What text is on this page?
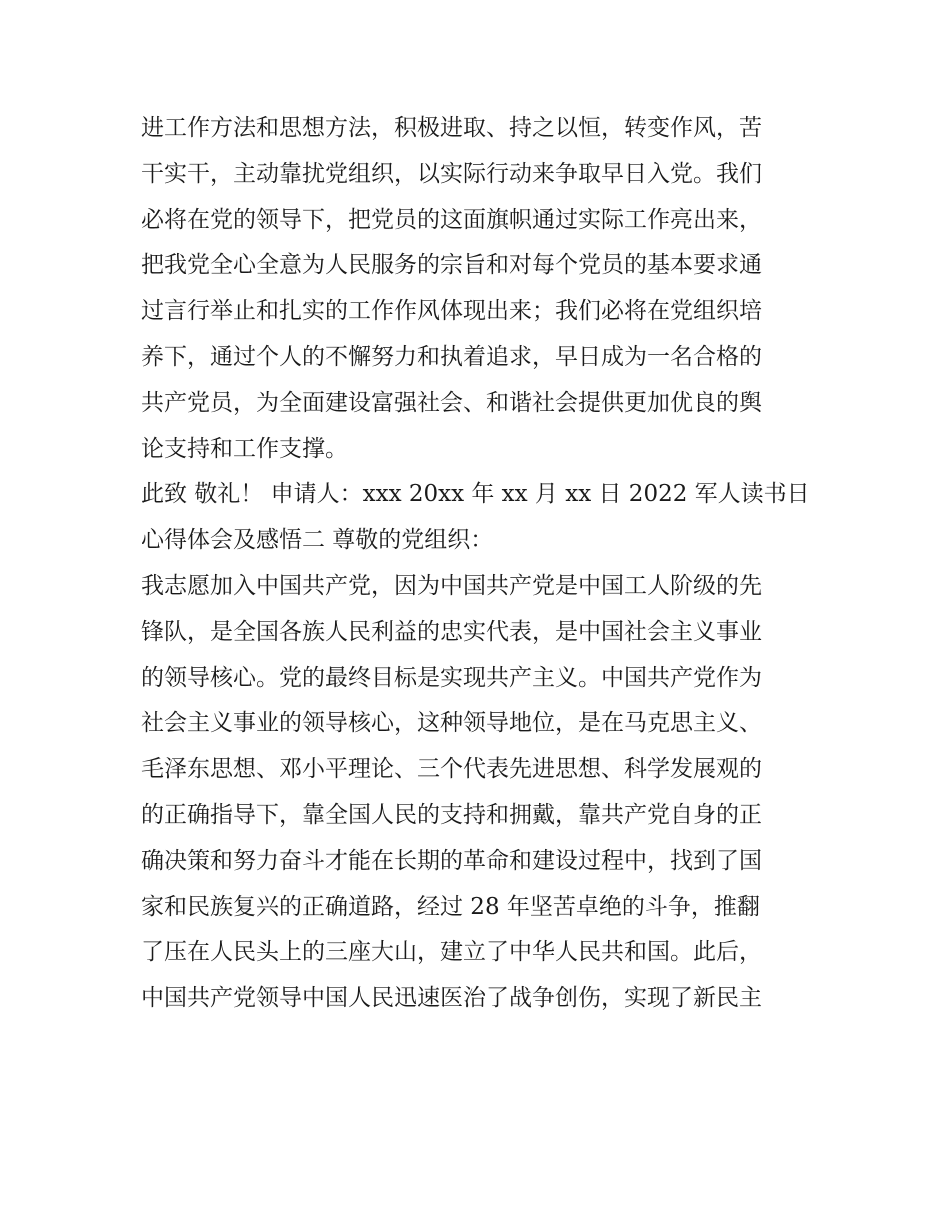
进工作方法和思想方法，积极进取、持之以恒，转变作风，苦
干实干，主动靠扰党组织，以实际行动来争取早日入党。我们
必将在党的领导下，把党员的这面旗帜通过实际工作亮出来，
把我党全心全意为人民服务的宗旨和对每个党员的基本要求通
过言行举止和扎实的工作作风体现出来；我们必将在党组织培
养下，通过个人的不懈努力和执着追求，早日成为一名合格的
共产党员，为全面建设富强社会、和谐社会提供更加优良的舆
论支持和工作支撑。
此致 敬礼！ 申请人：xxx 20xx 年 xx 月 xx 日 2022 军人读书日
心得体会及感悟二 尊敬的党组织：
我志愿加入中国共产党，因为中国共产党是中国工人阶级的先
锋队，是全国各族人民利益的忠实代表，是中国社会主义事业
的领导核心。党的最终目标是实现共产主义。中国共产党作为
社会主义事业的领导核心，这种领导地位，是在马克思主义、
毛泽东思想、邓小平理论、三个代表先进思想、科学发展观的
的正确指导下，靠全国人民的支持和拥戴，靠共产党自身的正
确决策和努力奋斗才能在长期的革命和建设过程中，找到了国
家和民族复兴的正确道路，经过 28 年坚苦卓绝的斗争，推翻
了压在人民头上的三座大山，建立了中华人民共和国。此后，
中国共产党领导中国人民迅速医治了战争创伤，实现了新民主
